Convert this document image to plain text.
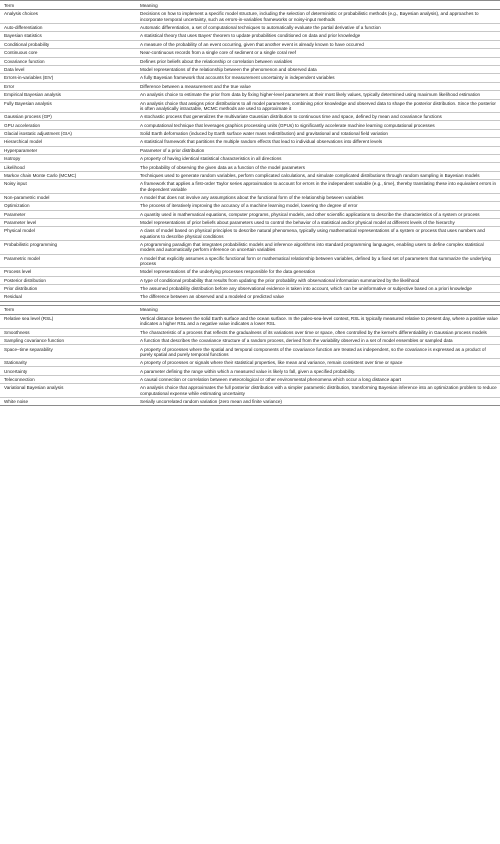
Term	Meaning
Analysis choices	Decisions on how to implement a specific model structure, including the selection of deterministic or probabilistic methods (e.g., Bayesian analysis), and approaches to incorporate temporal uncertainty, such as errors-in-variables frameworks or noisy-input methods
Auto-differentiation	Automatic differentiation, a set of computational techniques to automatically evaluate the partial derivative of a function
Bayesian statistics	A statistical theory that uses Bayes’ theorem to update probabilities conditioned on data and prior knowledge
Conditional probability	A measure of the probability of an event occurring, given that another event is already known to have occurred
Continuous core	Near-continuous records from a single core of sediment or a single coral reef
Covariance function	Defines prior beliefs about the relationship or correlation between variables
Data level	Model representations of the relationship between the phenomenon and observed data
Errors-in-variables (EIV)	A fully Bayesian framework that accounts for measurement uncertainty in independent variables
Error	Difference between a measurement and the true value
Empirical Bayesian analysis	An analysis choice to estimate the prior from data by fixing higher-level parameters at their most likely values, typically determined using maximum likelihood estimation
Fully Bayesian analysis	An analysis choice that assigns prior distributions to all model parameters, combining prior knowledge and observed data to shape the posterior distribution. Since the posterior is often analytically intractable, MCMC methods are used to approximate it
Gaussian process (GP)	A stochastic process that generalizes the multivariate Gaussian distribution to continuous time and space, defined by mean and covariance functions
GPU acceleration	A computational technique that leverages graphics processing units (GPUs) to significantly accelerate machine learning computational processes
Glacial isostatic adjustment (GIA)	Solid Earth deformation (induced by Earth surface water mass redistribution) and gravitational and rotational field variation
Hierarchical model	A statistical framework that partitions the multiple random effects that lead to individual observations into different levels
Hyperparameter	Parameter of a prior distribution
Isotropy	A property of having identical statistical characteristics in all directions
Likelihood	The probability of observing the given data as a function of the model parameters
Markov chain Monte Carlo (MCMC)	Techniques used to generate random variables, perform complicated calculations, and simulate complicated distributions through random sampling in Bayesian models
Noisy input	A framework that applies a first-order Taylor series approximation to account for errors in the independent variable (e.g., time), thereby translating these into equivalent errors in the dependent variable
Non-parametric model	A model that does not involve any assumptions about the functional form of the relationship between variables
Optimization	The process of iteratively improving the accuracy of a machine learning model, lowering the degree of error
Parameter	A quantity used in mathematical equations, computer programs, physical models, and other scientific applications to describe the characteristics of a system or process
Parameter level	Model representations of prior beliefs about parameters used to control the behavior of a statistical and/or physical model at different levels of the hierarchy
Physical model	A class of model based on physical principles to describe natural phenomena, typically using mathematical representations of a system or process that uses numbers and equations to describe physical conditions
Probabilistic programming	A programming paradigm that integrates probabilistic models and inference algorithms into standard programming languages, enabling users to define complex statistical models and automatically perform inference on uncertain variables
Parametric model	A model that explicitly assumes a specific functional form or mathematical relationship between variables, defined by a fixed set of parameters that summarize the underlying process
Process level	Model representations of the underlying processes responsible for the data generation
Posterior distribution	A type of conditional probability that results from updating the prior probability with observational information summarized by the likelihood
Prior distribution	The assumed probability distribution before any observational evidence is taken into account, which can be uninformative or subjective based on a priori knowledge
Residual	The difference between an observed and a modeled or predicted value
Term	Meaning
Relative sea level (RSL)	Vertical distance between the solid Earth surface and the ocean surface. In the paleo-sea-level context, RSL is typically measured relative to present day, where a positive value indicates a higher RSL and a negative value indicates a lower RSL
Smoothness	The characteristic of a process that reflects the gradualness of its variations over time or space, often controlled by the kernel’s differentiability in Gaussian process models
Sampling covariance function	A function that describes the covariance structure of a random process, derived from the variability observed in a set of model ensembles or sampled data
Space–time separability	A property of processes where the spatial and temporal components of the covariance function are treated as independent, so the covariance is expressed as a product of purely spatial and purely temporal functions
Stationarity	A property of processes or signals where their statistical properties, like mean and variance, remain consistent over time or space
Uncertainty	A parameter defining the range within which a measured value is likely to fall, given a specified probability.
Teleconnection	A causal connection or correlation between meteorological or other environmental phenomena which occur a long distance apart
Variational Bayesian analysis	An analysis choice that approximates the full posterior distribution with a simpler parametric distribution, transforming Bayesian inference into an optimization problem to reduce computational expense while estimating uncertainty
White noise	Serially uncorrelated random variation (zero mean and finite variance)
